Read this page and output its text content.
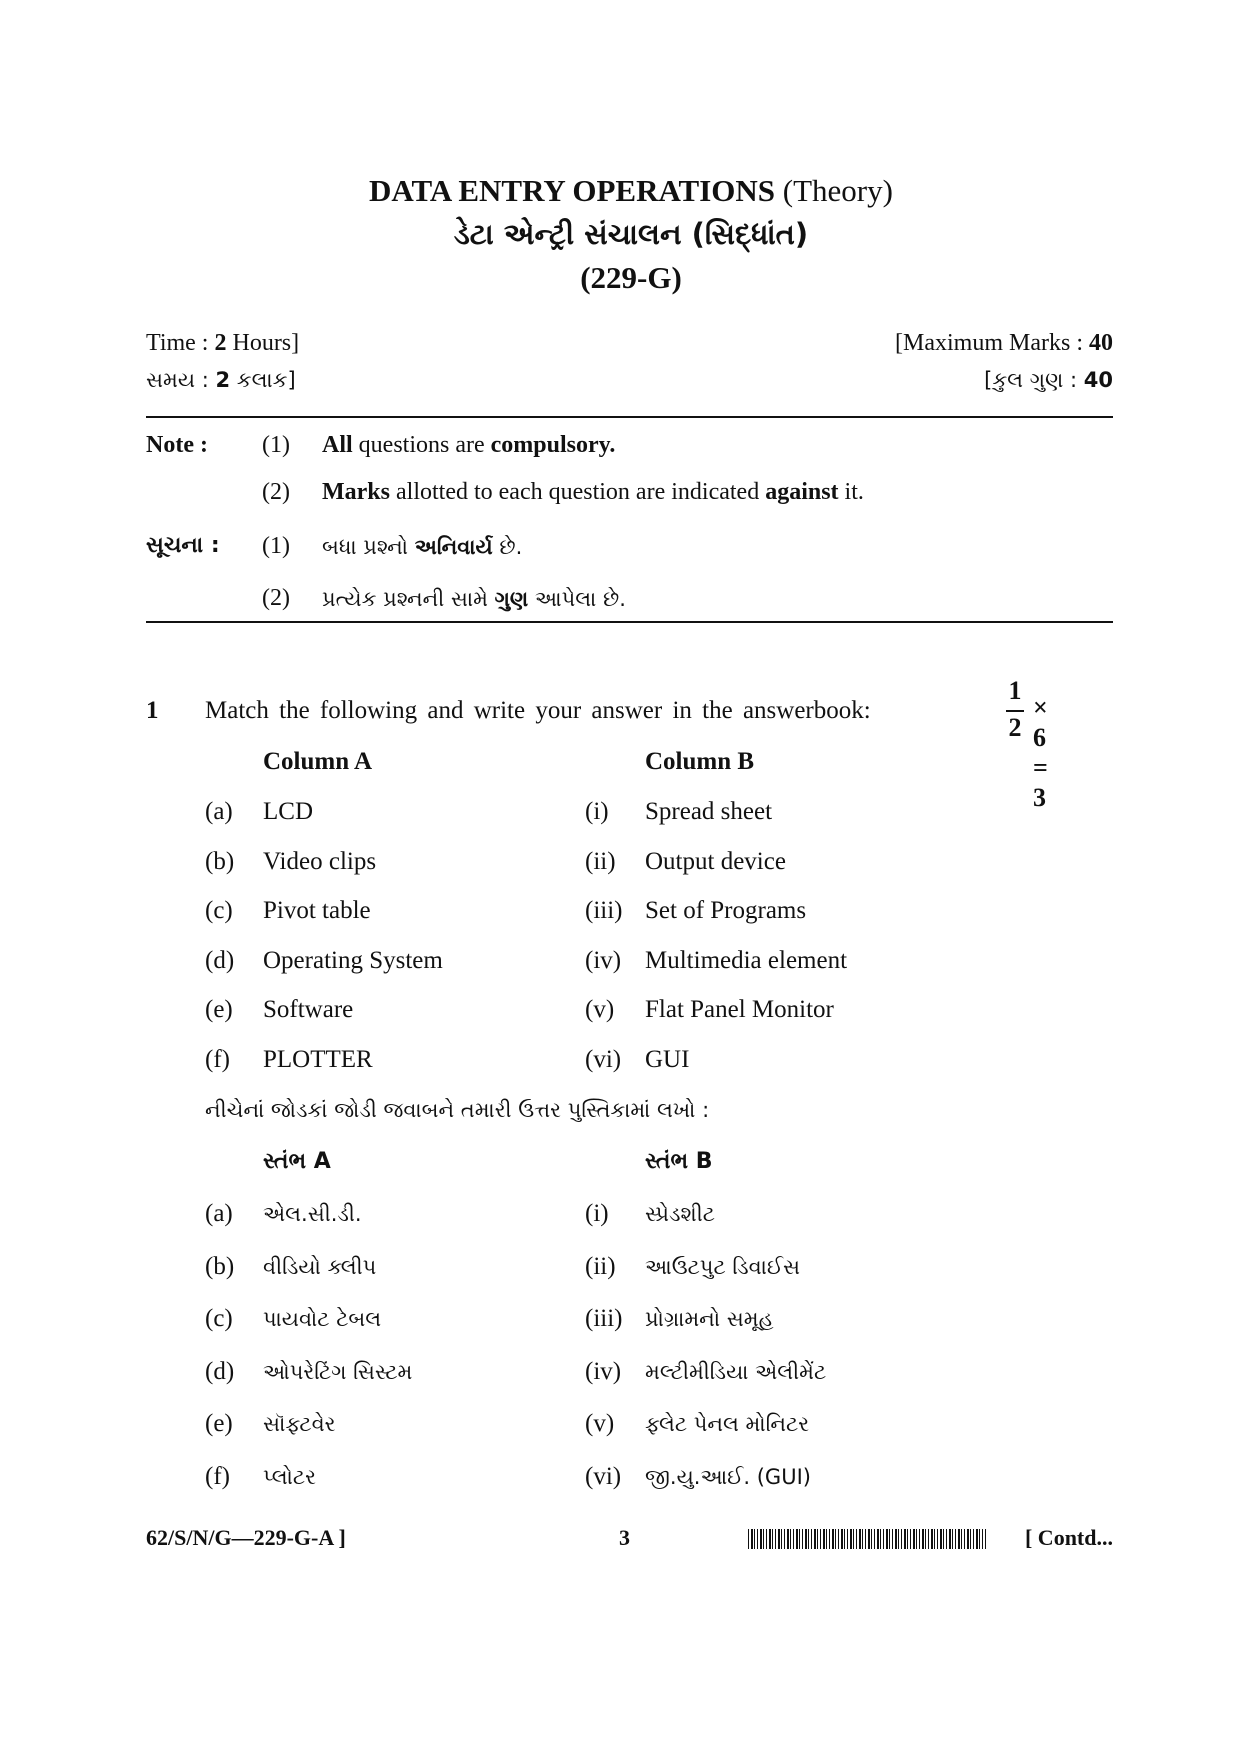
DATA ENTRY OPERATIONS (Theory)
ડેટા એન્ટ્રી સંચાલન (સિદ્ધાંત)
(229-G)
Time : 2 Hours]	[Maximum Marks : 40
સમય : 2 કલાક]	[કુલ ગુણ : 40
Note : (1) All questions are compulsory.
(2) Marks allotted to each question are indicated against it.
સૂચના : (1) બધા પ્રશ્નો અનિવાર્ય છે.
(2) પ્રત્યેક પ્રશ્નની સામે ગુણ આપેલા છે.
1 Match the following and write your answer in the answerbook:
1
2
× 6 = 3
Column A	Column B
(a) LCD	(i) Spread sheet
(b) Video clips	(ii) Output device
(c) Pivot table	(iii) Set of Programs
(d) Operating System	(iv) Multimedia element
(e) Software	(v) Flat Panel Monitor
(f) PLOTTER	(vi) GUI
નીચેનાં જોડકાં જોડી જવાબને તમારી ઉત્તર પુસ્તિકામાં લખો :
સ્તંભ A	સ્તંભ B
(a) એલ.સી.ડી.	(i) સ્પ્રેડશીટ
(b) વીડિયો ક્લીપ	(ii) આઉટપુટ ડિવાઈસ
(c) પાયવોટ ટેબલ	(iii) પ્રોગ્રામનો સમૂહ
(d) ઓપરેટિંગ સિસ્ટમ	(iv) મલ્ટીમીડિયા એલીમેંટ
(e) સૉફ્ટવેર	(v) ફ્લેટ પેનલ મોનિટર
(f) પ્લોટર	(vi) જી.યુ.આઈ. (GUI)
62/S/N/G—229-G-A ]	3	[ Contd...
